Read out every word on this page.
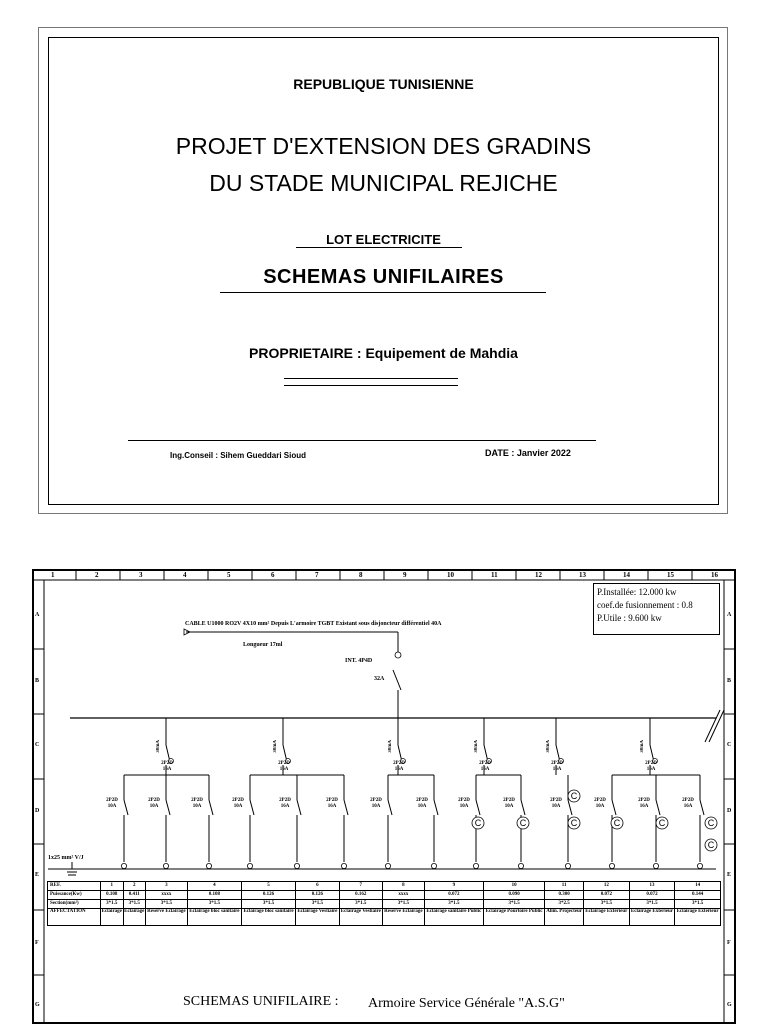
REPUBLIQUE TUNISIENNE
PROJET D'EXTENSION DES GRADINS
DU STADE MUNICIPAL REJICHE
LOT ELECTRICITE
SCHEMAS UNIFILAIRES
PROPRIETAIRE : Equipement de Mahdia
Ing.Conseil : Sihem Gueddari Sioud	DATE : Janvier 2022
C	C
C
C	C	C	C
C
1	2	3	4	5	6	7	8	9	10	11	12	13	14	15	16
A	A
B	B
C	C
D	D
E	E
F	F
G	G
P.Installée: 12.000 kw
coef.de fusionnement : 0.8
P.Utile : 9.600 kw
CABLE U1000 RO2V 4X10 mm² Depuis L'armoire TGBT Existant sous disjoncteur différentiel 40A
Longueur 17ml
INT. 4P4D
32A
1x25 mm² V/J
30mA
2P2D 16A
30mA
2P2D 16A
30mA
2P2D 16A
30mA
2P2D 16A
30mA
2P2D 16A
30mA
2P2D 16A
2P2D 10A
2P2D 10A
2P2D 10A
2P2D 10A
2P2D 16A
2P2D 16A
2P2D 10A
2P2D 10A
2P2D 10A
2P2D 10A
2P2D 10A
2P2D 10A
2P2D 16A
2P2D 16A
REF.	1	2	3	4	5	6	7	8	9	10	11	12	13	14
Puissance(Kw)	0.108	0.411	xxxx	0.108	0.126	0.126	0.162	xxxx	0.072	0.090	0.300	0.072	0.072	0.144
Section(mm²)	3*1.5	3*1.5	3*1.5	3*1.5	3*1.5	3*1.5	3*1.5	3*1.5	3*1.5	3*1.5	3*2.5	3*1.5	3*1.5	3*1.5
AFFECTATION	Eclairage	Eclairage	Reserve Eclairage	Eclairage bloc sanitaire	Eclairage bloc sanitaire	Eclairage Vestiaire	Eclairage Vestiaire	Reserve Eclairage	Eclairage sanitaire Public	Eclairage Pourtoire Public	Alim. Projecteur	Eclairage Exterieur	Eclairage Exterieur	Eclairage Exterieur
SCHEMAS UNIFILAIRE : Armoire Service Générale "A.S.G"
